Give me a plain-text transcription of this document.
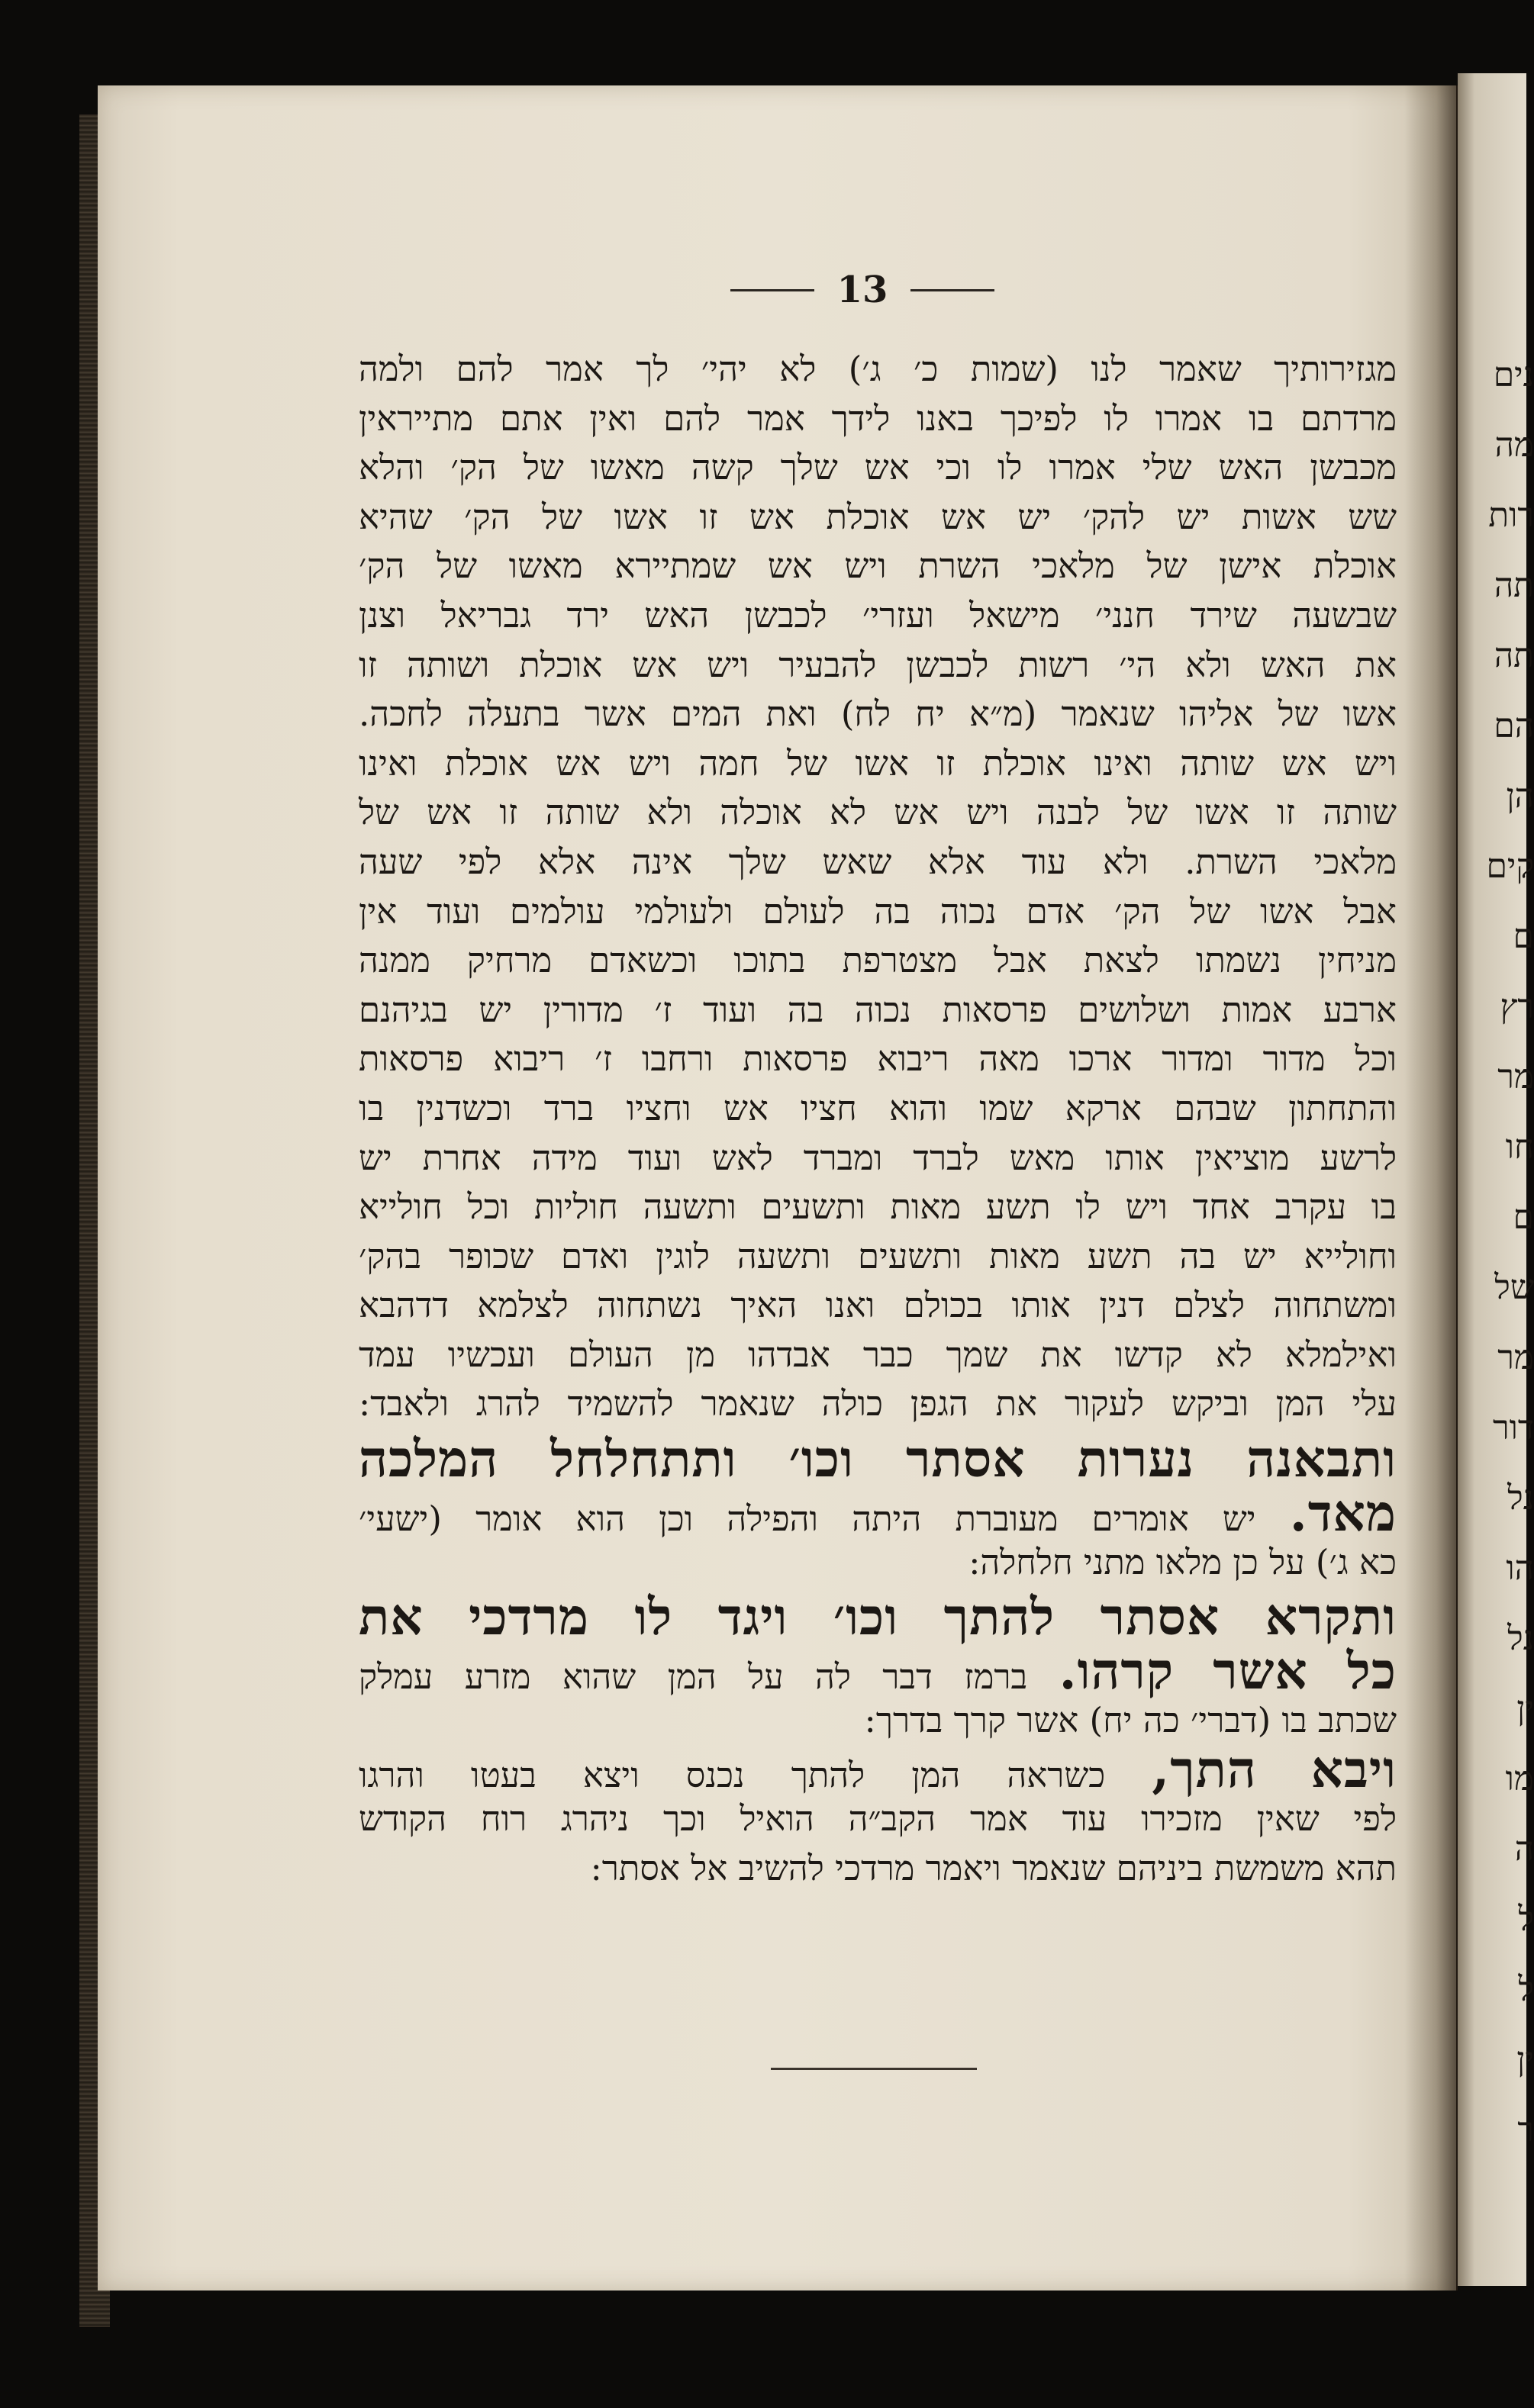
נים
מה
רות
תה
תה
הם
הן
קים
ם
רץ
מר
חו
ם
של
מר
דור
נל
הו
נל
ין
מו
ה
ל
ל
ין
ר
13
מגזירותיך שאמר לנו (שמות כ׳ ג׳) לא יהי׳ לך אמר להם ולמה
מרדתם בו אמרו לו לפיכך באנו לידך אמר להם ואין אתם מתייראין
מכבשן האש שלי אמרו לו וכי אש שלך קשה מאשו של הק׳ והלא
שש אשות יש להק׳ יש אש אוכלת אש זו אשו של הק׳ שהיא
אוכלת אישן של מלאכי השרת ויש אש שמתיירא מאשו של הק׳
שבשעה שירד חנני׳ מישאל ועזרי׳ לכבשן האש ירד גבריאל וצנן
את האש ולא הי׳ רשות לכבשן להבעיר ויש אש אוכלת ושותה זו
אשו של אליהו שנאמר (מ״א יח לח) ואת המים אשר בתעלה לחכה.
ויש אש שותה ואינו אוכלת זו אשו של חמה ויש אש אוכלת ואינו
שותה זו אשו של לבנה ויש אש לא אוכלה ולא שותה זו אש של
מלאכי השרת. ולא עוד אלא שאש שלך אינה אלא לפי שעה
אבל אשו של הק׳ אדם נכוה בה לעולם ולעולמי עולמים ועוד אין
מניחין נשמתו לצאת אבל מצטרפת בתוכו וכשאדם מרחיק ממנה
ארבע אמות ושלושים פרסאות נכוה בה ועוד ז׳ מדורין יש בגיהנם
וכל מדור ומדור ארכו מאה ריבוא פרסאות ורחבו ז׳ ריבוא פרסאות
והתחתון שבהם ארקא שמו והוא חציו אש וחציו ברד וכשדנין בו
לרשע מוציאין אותו מאש לברד ומברד לאש ועוד מידה אחרת יש
בו עקרב אחד ויש לו תשע מאות ותשעים ותשעה חוליות וכל חולייא
וחולייא יש בה תשע מאות ותשעים ותשעה לוגין ואדם שכופר בהק׳
ומשתחוה לצלם דנין אותו בכולם ואנו האיך נשתחוה לצלמא דדהבא
ואילמלא לא קדשו את שמך כבר אבדהו מן העולם ועכשיו עמד
עלי המן וביקש לעקור את הגפן כולה שנאמר להשמיד להרג ולאבד:
ותבאנה נערות אסתר וכו׳ ותתחלחל המלכה
מאד. יש אומרים מעוברת היתה והפילה וכן הוא אומר (ישעי׳
כא ג׳) על כן מלאו מתני חלחלה:
ותקרא אסתר להתך וכו׳ ויגד לו מרדכי את
כל אשר קרהו. ברמז דבר לה על המן שהוא מזרע עמלק
שכתב בו (דברי׳ כה יח) אשר קרך בדרך:
ויבא התך, כשראה המן להתך נכנס ויצא בעטו והרגו
לפי שאין מזכירו עוד אמר הקב״ה הואיל וכך ניהרג רוח הקודש
תהא משמשת ביניהם שנאמר ויאמר מרדכי להשיב אל אסתר:
